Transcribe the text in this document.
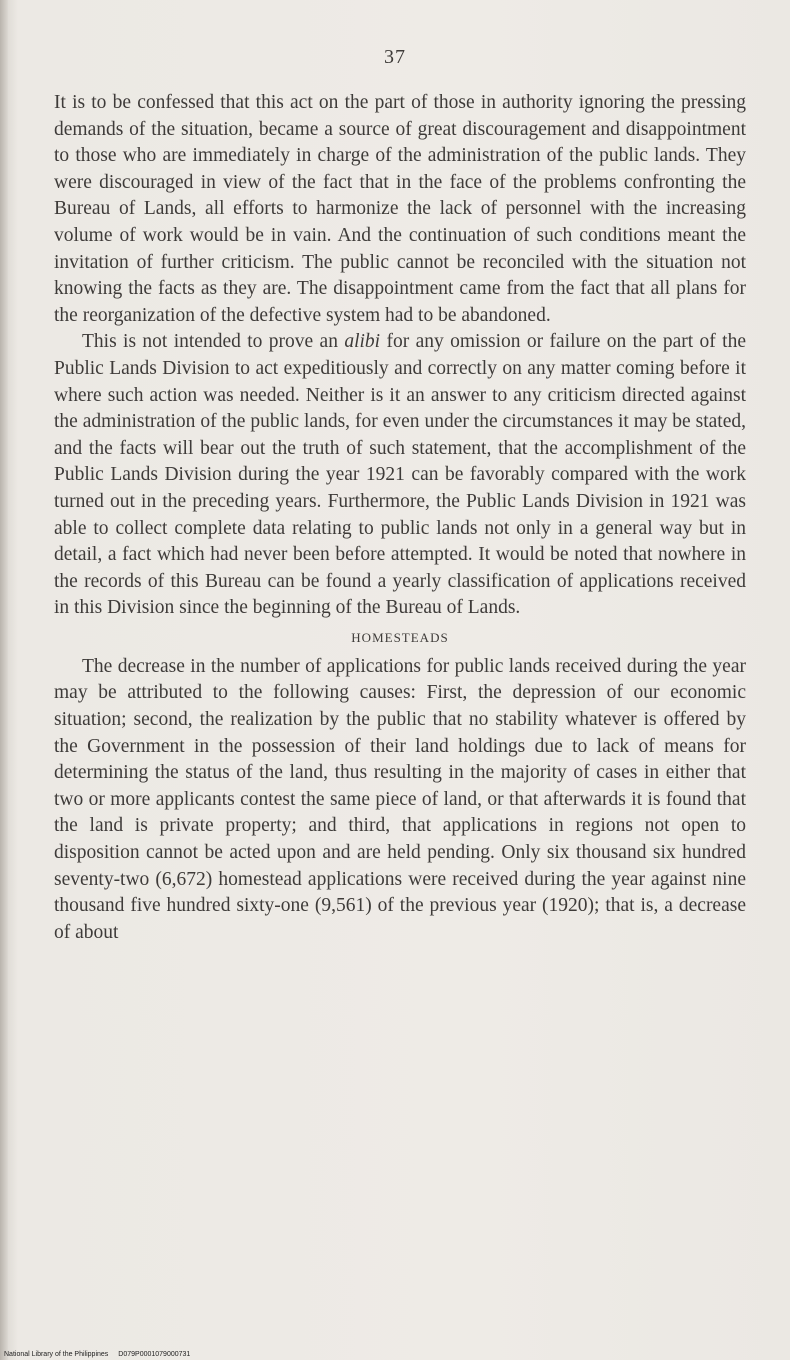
37

It is to be confessed that this act on the part of those in authority ignoring the pressing demands of the situation, became a source of great discouragement and disappointment to those who are immediately in charge of the administration of the public lands. They were discouraged in view of the fact that in the face of the problems confronting the Bureau of Lands, all efforts to harmonize the lack of personnel with the increasing volume of work would be in vain. And the continuation of such conditions meant the invitation of further criticism. The public cannot be reconciled with the situation not knowing the facts as they are. The disappointment came from the fact that all plans for the reorganization of the defective system had to be abandoned.

This is not intended to prove an alibi for any omission or failure on the part of the Public Lands Division to act expeditiously and correctly on any matter coming before it where such action was needed. Neither is it an answer to any criticism directed against the administration of the public lands, for even under the circumstances it may be stated, and the facts will bear out the truth of such statement, that the accomplishment of the Public Lands Division during the year 1921 can be favorably compared with the work turned out in the preceding years. Furthermore, the Public Lands Division in 1921 was able to collect complete data relating to public lands not only in a general way but in detail, a fact which had never been before attempted. It would be noted that nowhere in the records of this Bureau can be found a yearly classification of applications received in this Division since the beginning of the Bureau of Lands.

HOMESTEADS

The decrease in the number of applications for public lands received during the year may be attributed to the following causes: First, the depression of our economic situation; second, the realization by the public that no stability whatever is offered by the Government in the possession of their land holdings due to lack of means for determining the status of the land, thus resulting in the majority of cases in either that two or more applicants contest the same piece of land, or that afterwards it is found that the land is private property; and third, that applications in regions not open to disposition cannot be acted upon and are held pending. Only six thousand six hundred seventy-two (6,672) homestead applications were received during the year against nine thousand five hundred sixty-one (9,561) of the previous year (1920); that is, a decrease of about

National Library of the Philippines D079P0001079000731
